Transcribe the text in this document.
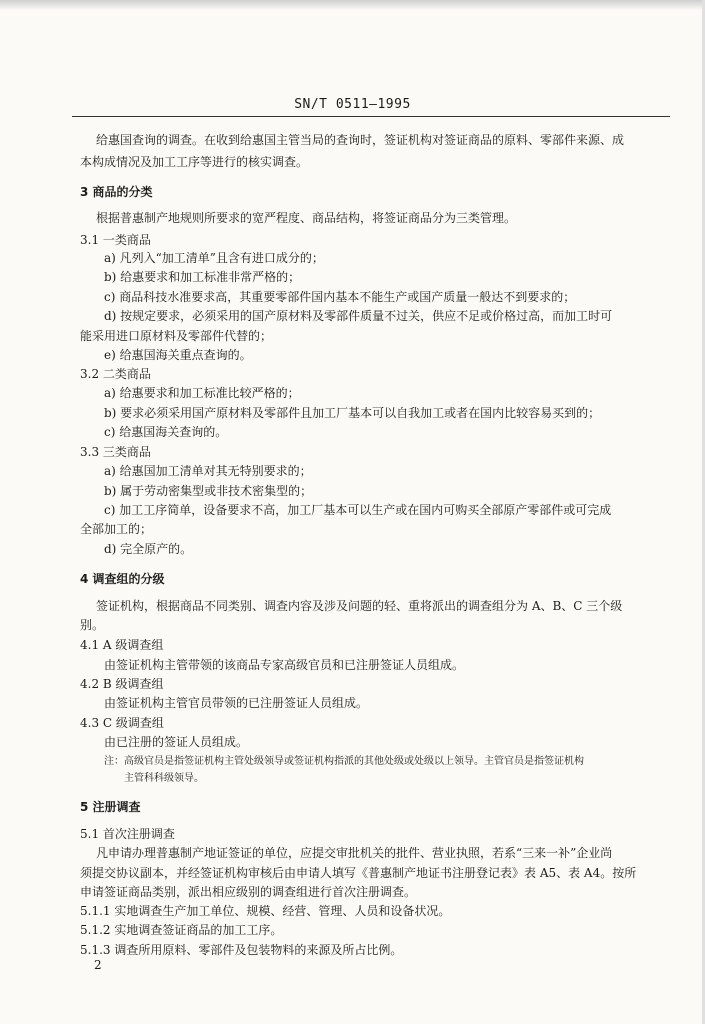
SN/T 0511—1995
给惠国查询的调查。在收到给惠国主管当局的查询时，签证机构对签证商品的原料、零部件来源、成
本构成情况及加工工序等进行的核实调查。
3 商品的分类
根据普惠制产地规则所要求的宽严程度、商品结构，将签证商品分为三类管理。
3.1 一类商品
a) 凡列入“加工清单”且含有进口成分的；
b) 给惠要求和加工标准非常严格的；
c) 商品科技水准要求高，其重要零部件国内基本不能生产或国产质量一般达不到要求的；
d) 按规定要求，必须采用的国产原材料及零部件质量不过关，供应不足或价格过高，而加工时可
能采用进口原材料及零部件代替的；
e) 给惠国海关重点查询的。
3.2 二类商品
a) 给惠要求和加工标准比较严格的；
b) 要求必须采用国产原材料及零部件且加工厂基本可以自我加工或者在国内比较容易买到的；
c) 给惠国海关查询的。
3.3 三类商品
a) 给惠国加工清单对其无特别要求的；
b) 属于劳动密集型或非技术密集型的；
c) 加工工序简单，设备要求不高，加工厂基本可以生产或在国内可购买全部原产零部件或可完成
全部加工的；
d) 完全原产的。
4 调查组的分级
签证机构，根据商品不同类别、调查内容及涉及问题的轻、重将派出的调查组分为 A、B、C 三个级
别。
4.1 A 级调查组
由签证机构主管带领的该商品专家高级官员和已注册签证人员组成。
4.2 B 级调查组
由签证机构主管官员带领的已注册签证人员组成。
4.3 C 级调查组
由已注册的签证人员组成。
注：高级官员是指签证机构主管处级领导或签证机构指派的其他处级或处级以上领导。主管官员是指签证机构
主管科科级领导。
5 注册调查
5.1 首次注册调查
凡申请办理普惠制产地证签证的单位，应提交审批机关的批件、营业执照，若系“三来一补”企业尚
须提交协议副本，并经签证机构审核后由申请人填写《普惠制产地证书注册登记表》表 A5、表 A4。按所
申请签证商品类别，派出相应级别的调查组进行首次注册调查。
5.1.1 实地调查生产加工单位、规模、经营、管理、人员和设备状况。
5.1.2 实地调查签证商品的加工工序。
5.1.3 调查所用原料、零部件及包装物料的来源及所占比例。
2
